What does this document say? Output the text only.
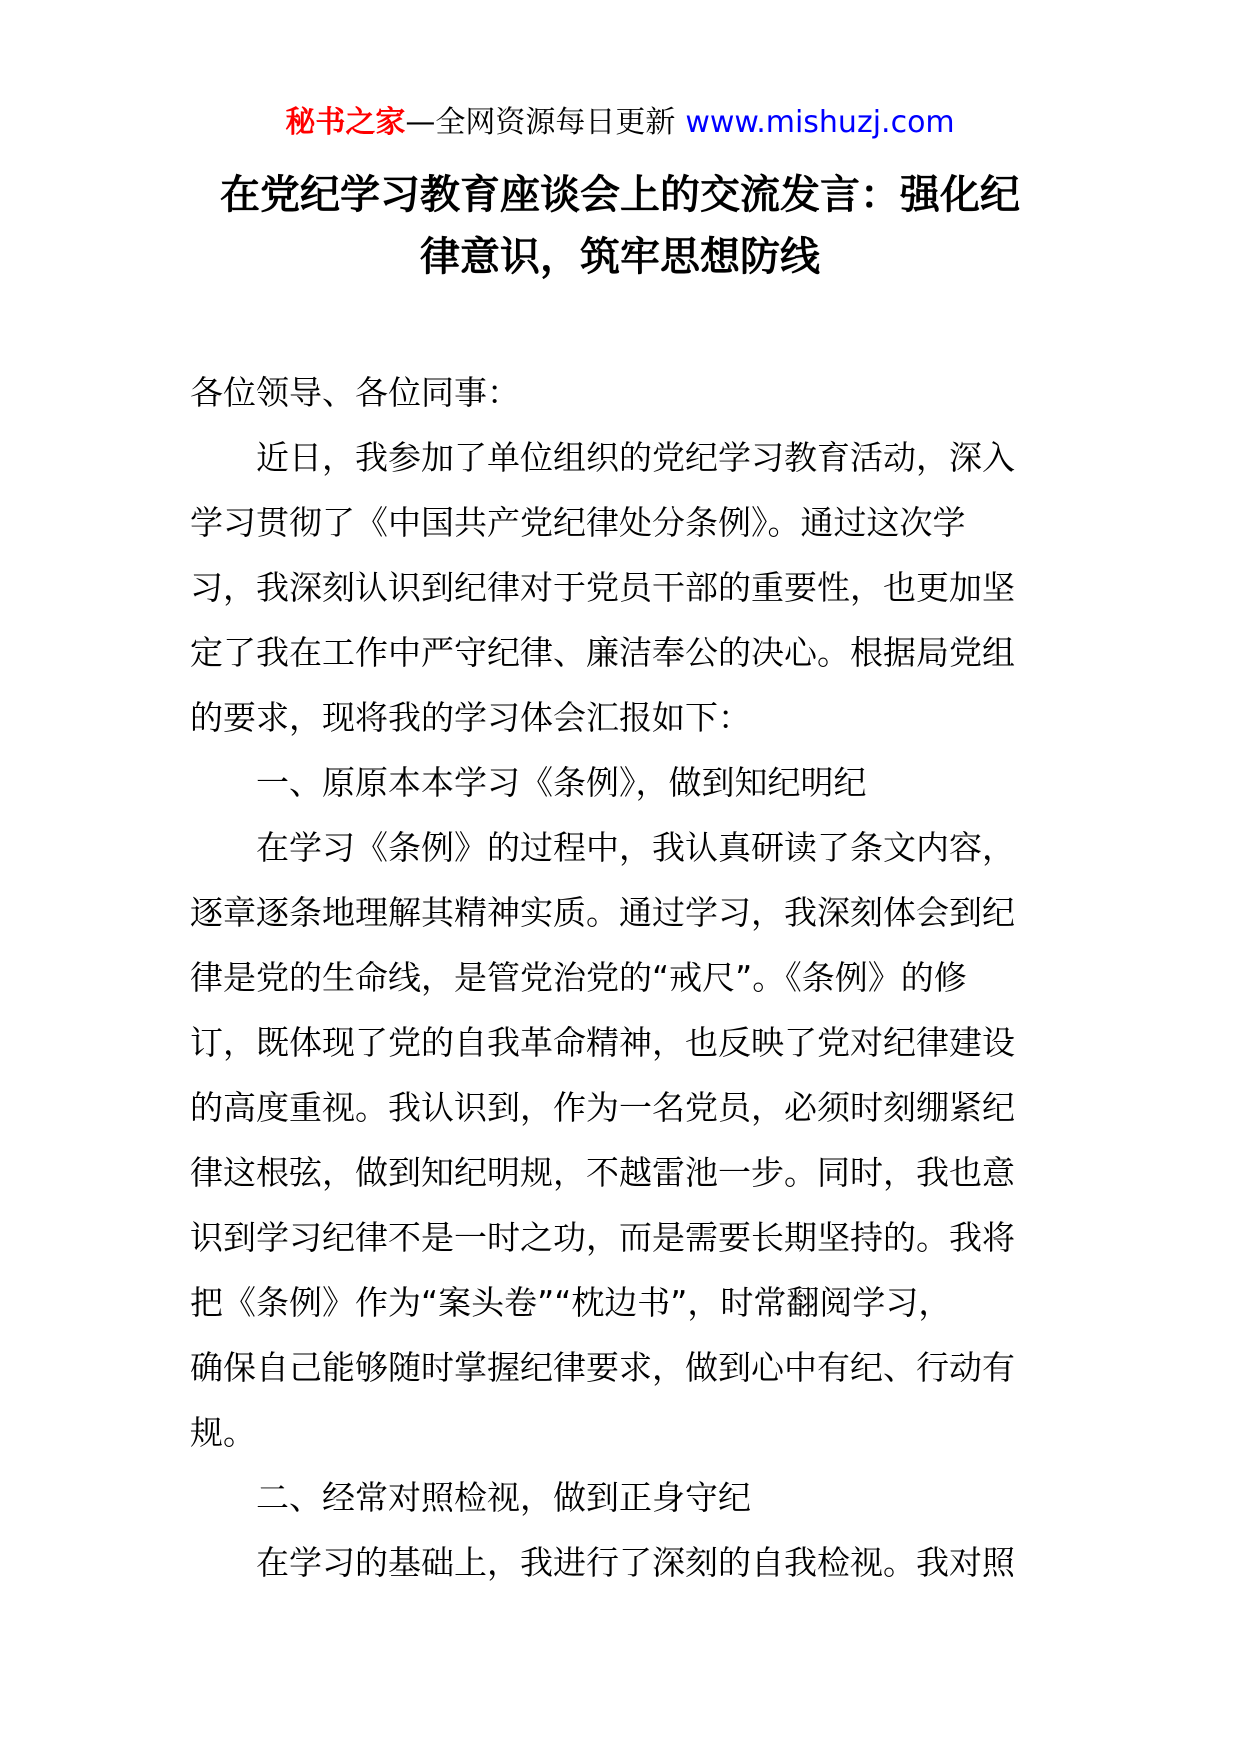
秘书之家—全网资源每日更新 www.mishuzj.com
在党纪学习教育座谈会上的交流发言：强化纪
律意识，筑牢思想防线
各位领导、各位同事：
近日，我参加了单位组织的党纪学习教育活动，深入
学习贯彻了《中国共产党纪律处分条例》。通过这次学
习，我深刻认识到纪律对于党员干部的重要性，也更加坚
定了我在工作中严守纪律、廉洁奉公的决心。根据局党组
的要求，现将我的学习体会汇报如下：
一、原原本本学习《条例》，做到知纪明纪
在学习《条例》的过程中，我认真研读了条文内容，
逐章逐条地理解其精神实质。通过学习，我深刻体会到纪
律是党的生命线，是管党治党的“戒尺”。《条例》的修
订，既体现了党的自我革命精神，也反映了党对纪律建设
的高度重视。我认识到，作为一名党员，必须时刻绷紧纪
律这根弦，做到知纪明规，不越雷池一步。同时，我也意
识到学习纪律不是一时之功，而是需要长期坚持的。我将
把《条例》作为“案头卷”“枕边书”，时常翻阅学习，
确保自己能够随时掌握纪律要求，做到心中有纪、行动有
规。
二、经常对照检视，做到正身守纪
在学习的基础上，我进行了深刻的自我检视。我对照
